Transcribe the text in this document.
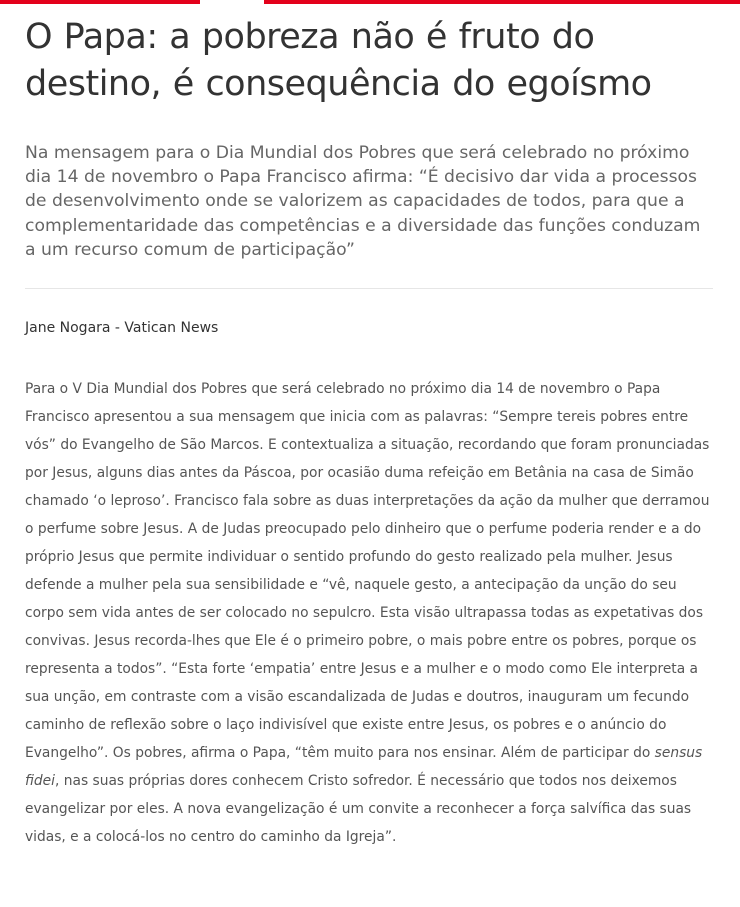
O Papa: a pobreza não é fruto do destino, é consequência do egoísmo

Na mensagem para o Dia Mundial dos Pobres que será celebrado no próximo dia 14 de novembro o Papa Francisco afirma: “É decisivo dar vida a processos de desenvolvimento onde se valorizem as capacidades de todos, para que a complementaridade das competências e a diversidade das funções conduzam a um recurso comum de participação”

Jane Nogara - Vatican News

Para o V Dia Mundial dos Pobres que será celebrado no próximo dia 14 de novembro o Papa Francisco apresentou a sua mensagem que inicia com as palavras: “Sempre tereis pobres entre vós” do Evangelho de São Marcos. E contextualiza a situação, recordando que foram pronunciadas por Jesus, alguns dias antes da Páscoa, por ocasião duma refeição em Betânia na casa de Simão chamado ‘o leproso’. Francisco fala sobre as duas interpretações da ação da mulher que derramou o perfume sobre Jesus. A de Judas preocupado pelo dinheiro que o perfume poderia render e a do próprio Jesus que permite individuar o sentido profundo do gesto realizado pela mulher. Jesus defende a mulher pela sua sensibilidade e “vê, naquele gesto, a antecipação da unção do seu corpo sem vida antes de ser colocado no sepulcro. Esta visão ultrapassa todas as expetativas dos convivas. Jesus recorda-lhes que Ele é o primeiro pobre, o mais pobre entre os pobres, porque os representa a todos”. “Esta forte ‘empatia’ entre Jesus e a mulher e o modo como Ele interpreta a sua unção, em contraste com a visão escandalizada de Judas e doutros, inauguram um fecundo caminho de reflexão sobre o laço indivisível que existe entre Jesus, os pobres e o anúncio do Evangelho”. Os pobres, afirma o Papa, “têm muito para nos ensinar. Além de participar do sensus fidei, nas suas próprias dores conhecem Cristo sofredor. É necessário que todos nos deixemos evangelizar por eles. A nova evangelização é um convite a reconhecer a força salvífica das suas vidas, e a colocá-los no centro do caminho da Igreja”.
